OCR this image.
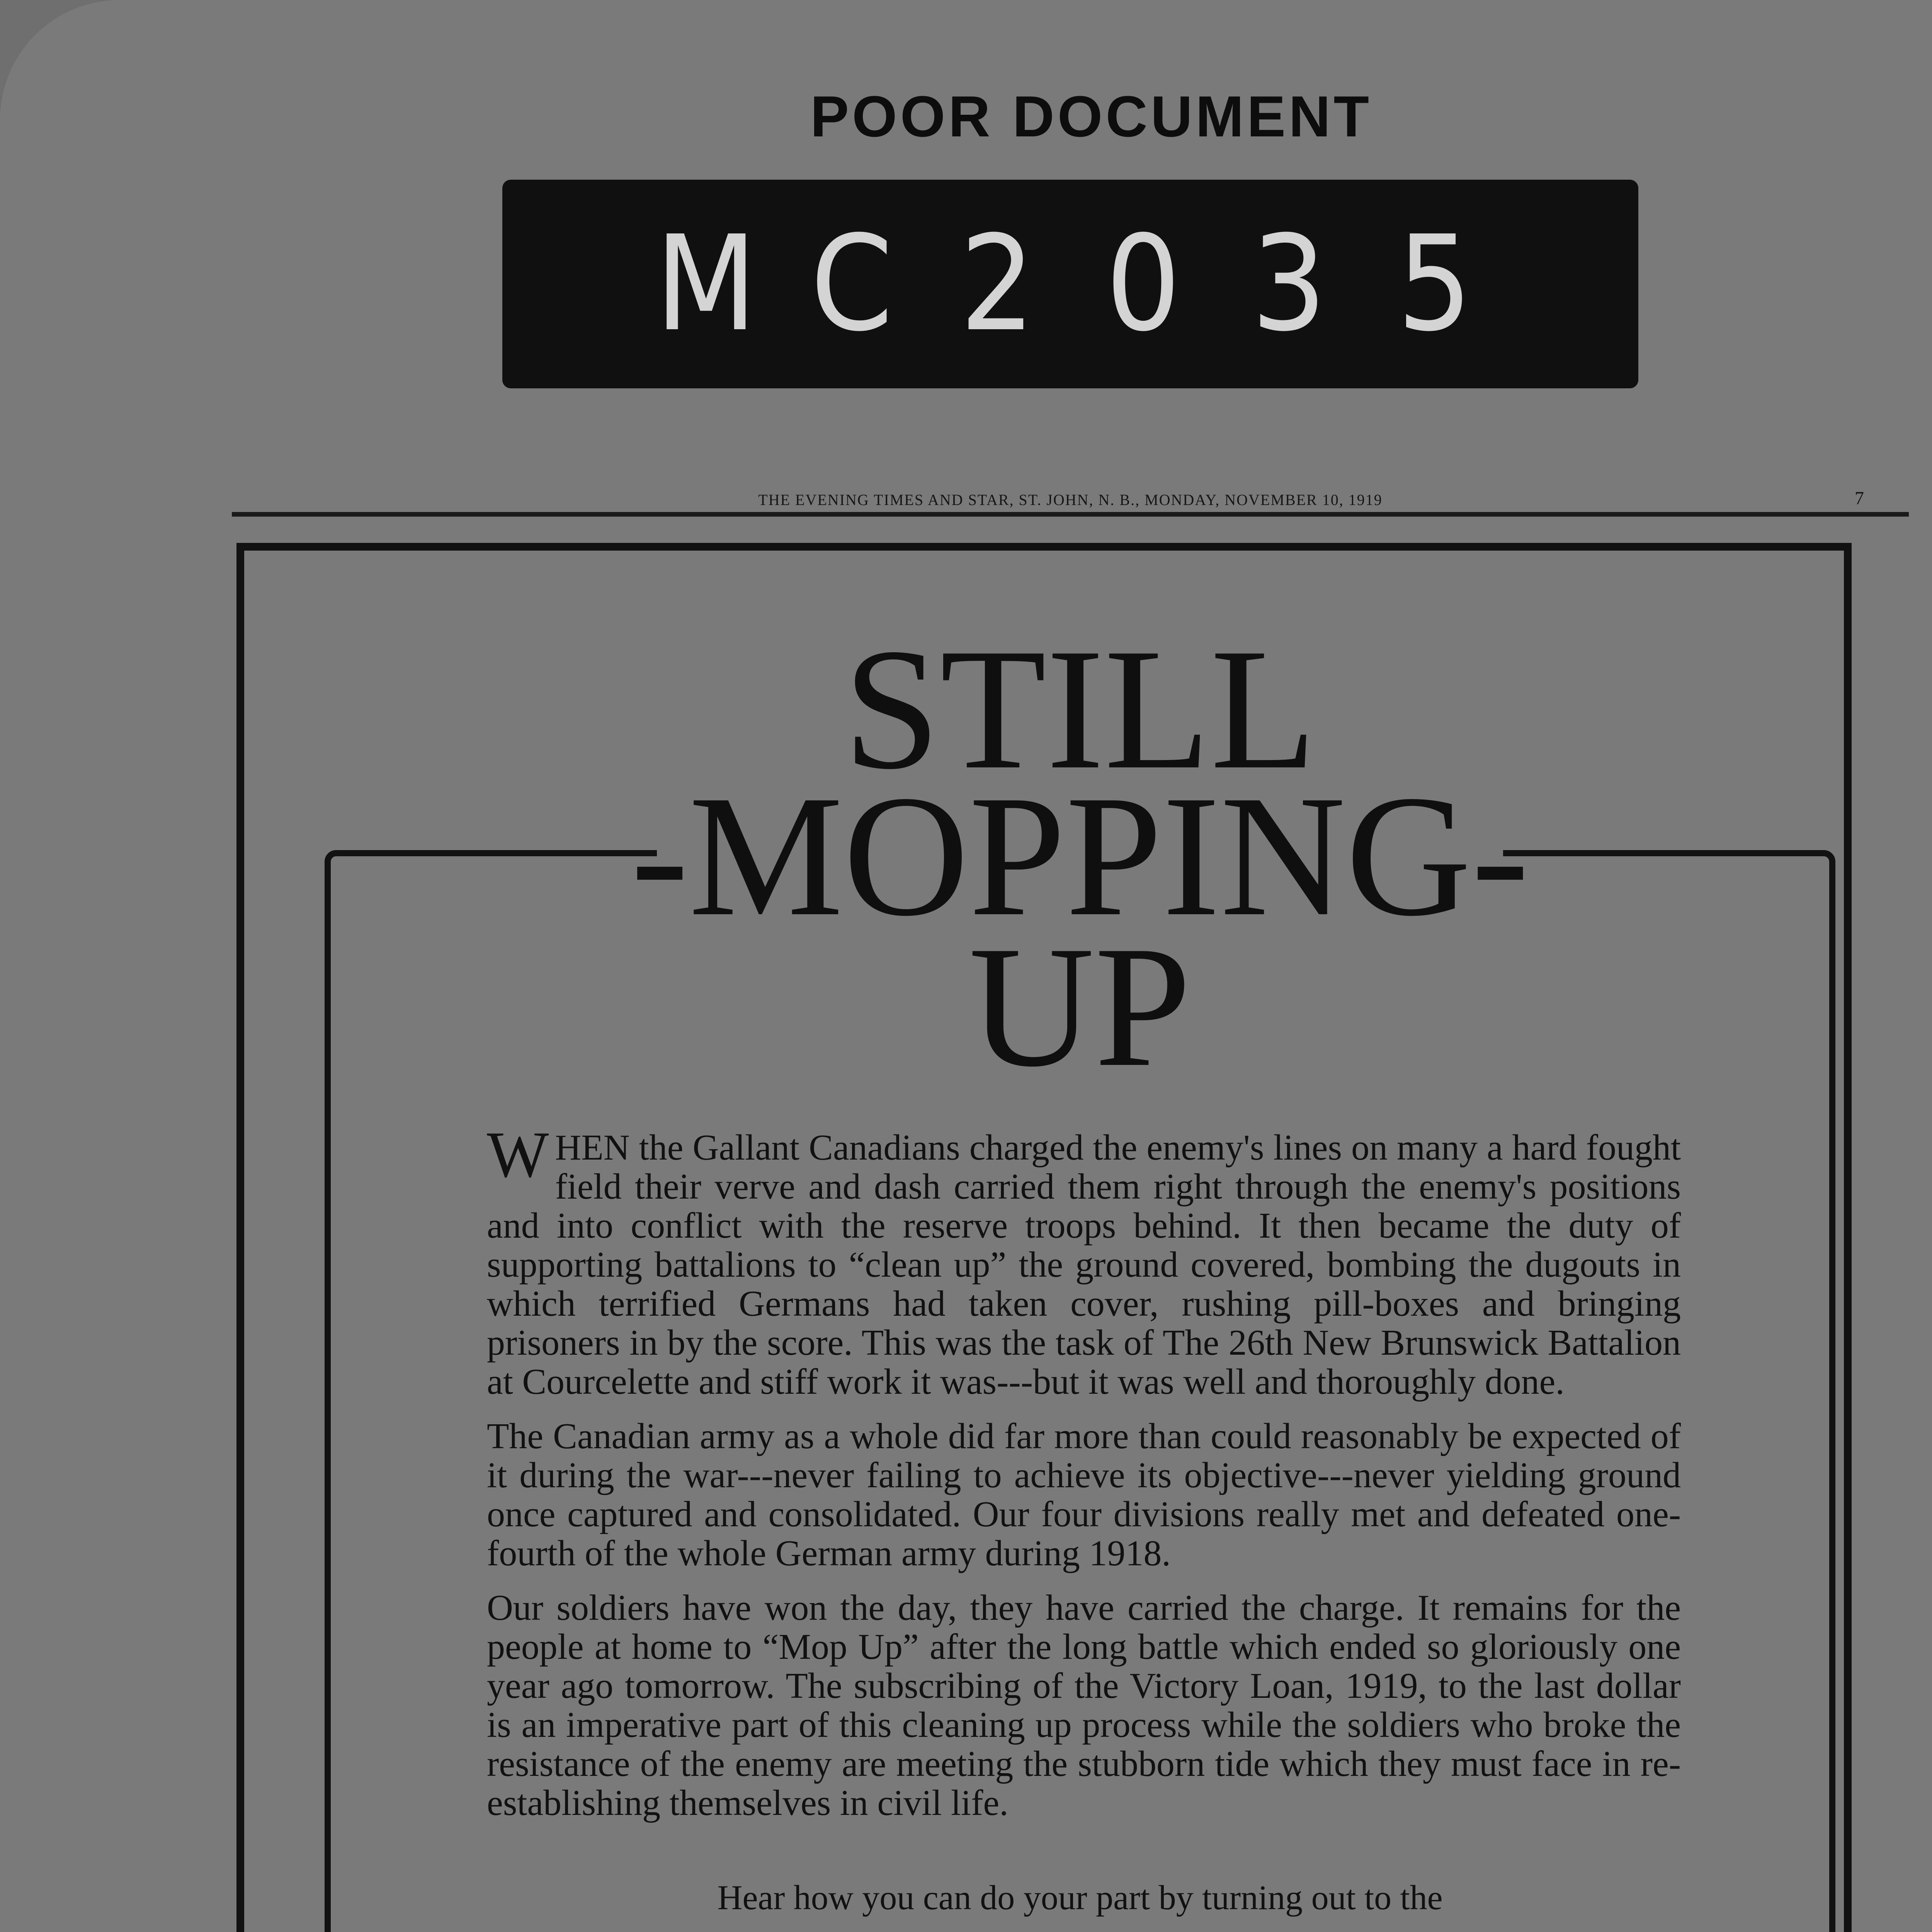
POOR DOCUMENT
M C 2 0 3 5
THE EVENING TIMES AND STAR, ST. JOHN, N. B., MONDAY, NOVEMBER 10, 1919	7
STILL
-MOPPING-
UP

WHEN the Gallant Canadians charged the enemy's lines on many a hard fought field their verve and dash carried them right through the enemy's positions and into conflict with the reserve troops behind. It then became the duty of supporting battalions to “clean up” the ground covered, bombing the dugouts in which terrified Germans had taken cover, rushing pill-boxes and bringing prisoners in by the score. This was the task of The 26th New Brunswick Battalion at Courcelette and stiff work it was---but it was well and thoroughly done.

The Canadian army as a whole did far more than could reasonably be expected of it during the war---never failing to achieve its objective---never yielding ground once captured and consolidated. Our four divisions really met and defeated one-fourth of the whole German army during 1918.

Our soldiers have won the day, they have carried the charge. It remains for the people at home to “Mop Up” after the long battle which ended so gloriously one year ago tomorrow. The subscribing of the Victory Loan, 1919, to the last dollar is an imperative part of this cleaning up process while the soldiers who broke the resistance of the enemy are meeting the stubborn tide which they must face in re-establishing themselves in civil life.

Hear how you can do your part by turning out to the
